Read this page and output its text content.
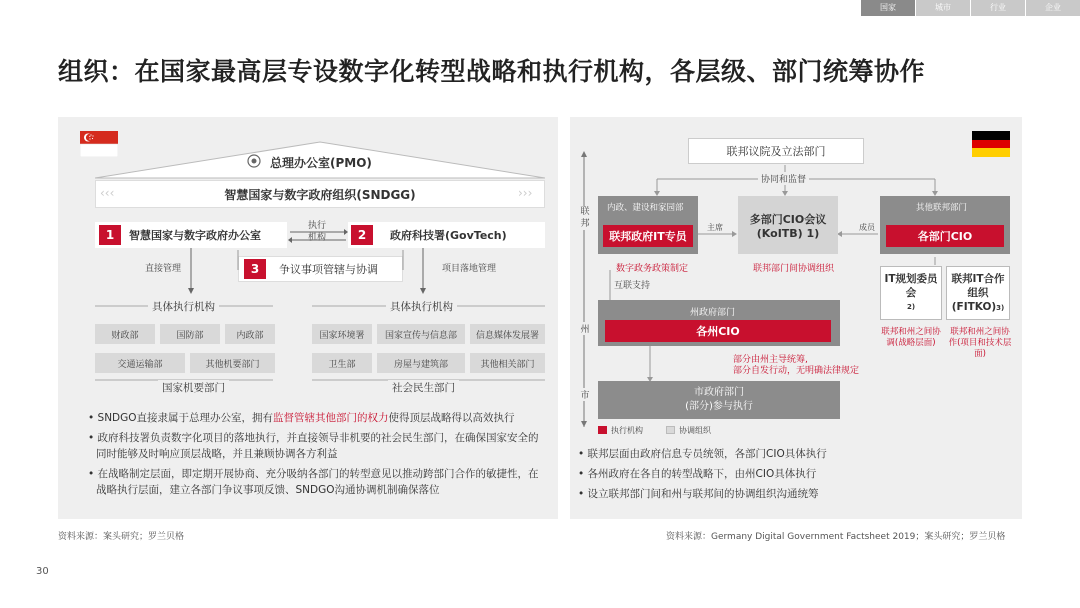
国家	城市	行业	企业
组织：在国家最高层专设数字化转型战略和执行机构，各层级、部门统筹协作
总理办公室(PMO)
智慧国家与数字政府组织(SNDGG)
‹‹‹	›››
智慧国家与数字政府办公室
1
执行
机构	政府科技署(GovTech)
2
争议事项管辖与协调
3
直接管理	项目落地管理
具体执行机构
财政部	国防部	内政部
交通运输部	其他机要部门
国家机要部门
具体执行机构
国家环境署	国家宣传与信息部	信息媒体发展署
卫生部	房屋与建筑部	其他相关部门
社会民生部门
• SNDGO直接隶属于总理办公室，拥有监督管辖其他部门的权力使得顶层战略得以高效执行
• 政府科技署负责数字化项目的落地执行，并直接领导非机要的社会民生部门，在确保国家安全的同时能够及时响应顶层战略，并且兼顾协调各方利益
• 在战略制定层面，即定期开展协商、充分吸纳各部门的转型意见以推动跨部门合作的敏捷性，在战略执行层面，建立各部门争议事项反馈、SNDGO沟通协调机制确保落位
资料来源：案头研究；罗兰贝格
联邦议院及立法部门
协同和监督
联邦
州
市
内政、建设和家园部
联邦政府IT专员
数字政务政策制定
主席	成员
多部门CIO会议
(KoITB) 1)
联邦部门间协调组织
其他联邦部门
各部门CIO
互联支持
IT规划委员会
2)
联邦IT合作组织
(FITKO)3)
联邦和州之间协调(战略层面)
联邦和州之间协作(项目和技术层面)
州政府部门
各州CIO
部分由州主导统筹,
部分自发行动，无明确法律规定
市政府部门
(部分)参与执行
执行机构	协调组织
• 联邦层面由政府信息专员统领，各部门CIO具体执行
• 各州政府在各自的转型战略下，由州CIO具体执行
• 设立联邦部门间和州与联邦间的协调组织沟通统筹
资料来源：Germany Digital Government Factsheet 2019；案头研究；罗兰贝格
30
